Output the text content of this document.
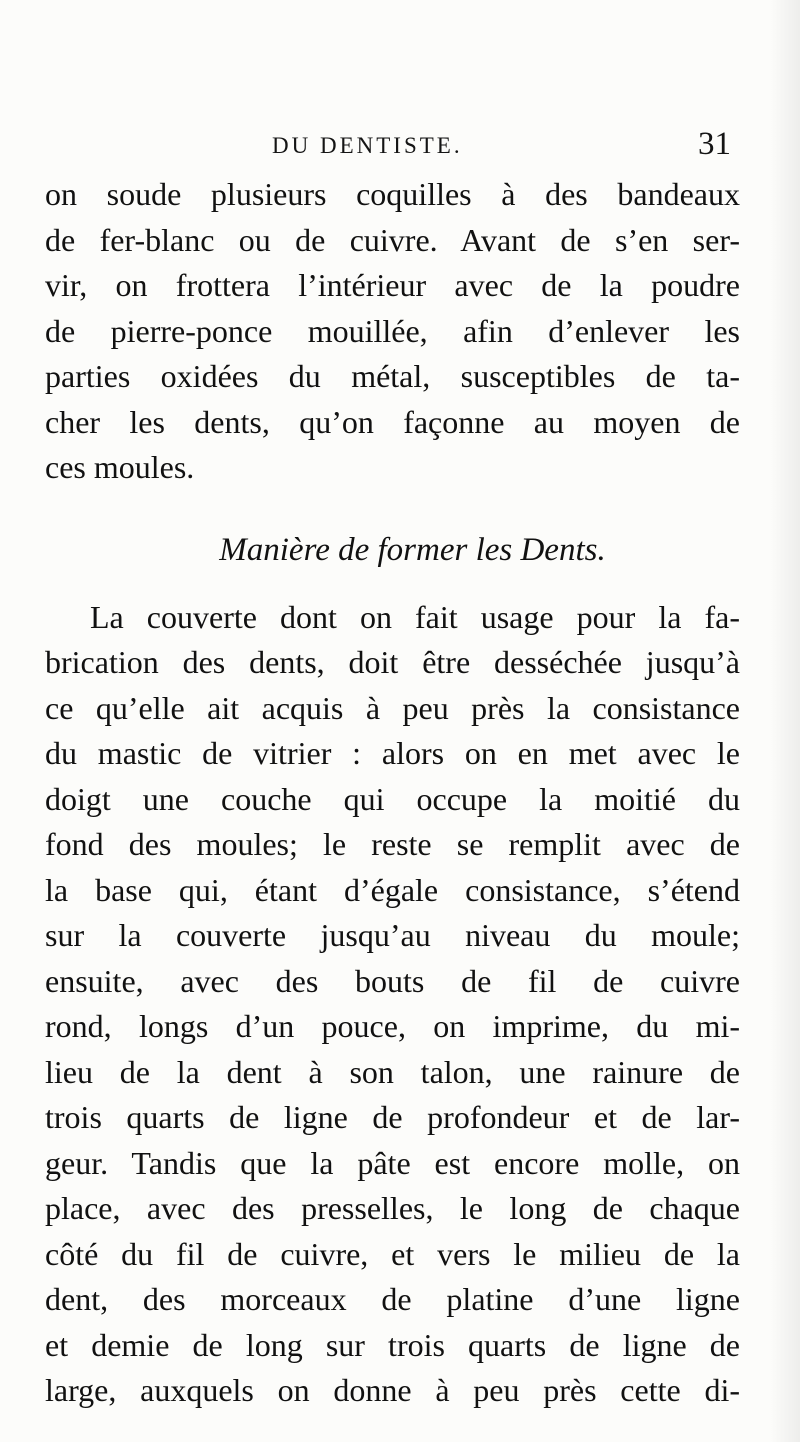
DU DENTISTE.	31
on soude plusieurs coquilles à des bandeaux
de fer-blanc ou de cuivre. Avant de s’en ser-
vir, on frottera l’intérieur avec de la poudre
de pierre-ponce mouillée, afin d’enlever les
parties oxidées du métal, susceptibles de ta-
cher les dents, qu’on façonne au moyen de
ces moules.
Manière de former les Dents.
La couverte dont on fait usage pour la fa-
brication des dents, doit être desséchée jusqu’à
ce qu’elle ait acquis à peu près la consistance
du mastic de vitrier : alors on en met avec le
doigt une couche qui occupe la moitié du
fond des moules; le reste se remplit avec de
la base qui, étant d’égale consistance, s’étend
sur la couverte jusqu’au niveau du moule;
ensuite, avec des bouts de fil de cuivre
rond, longs d’un pouce, on imprime, du mi-
lieu de la dent à son talon, une rainure de
trois quarts de ligne de profondeur et de lar-
geur. Tandis que la pâte est encore molle, on
place, avec des presselles, le long de chaque
côté du fil de cuivre, et vers le milieu de la
dent, des morceaux de platine d’une ligne
et demie de long sur trois quarts de ligne de
large, auxquels on donne à peu près cette di-
